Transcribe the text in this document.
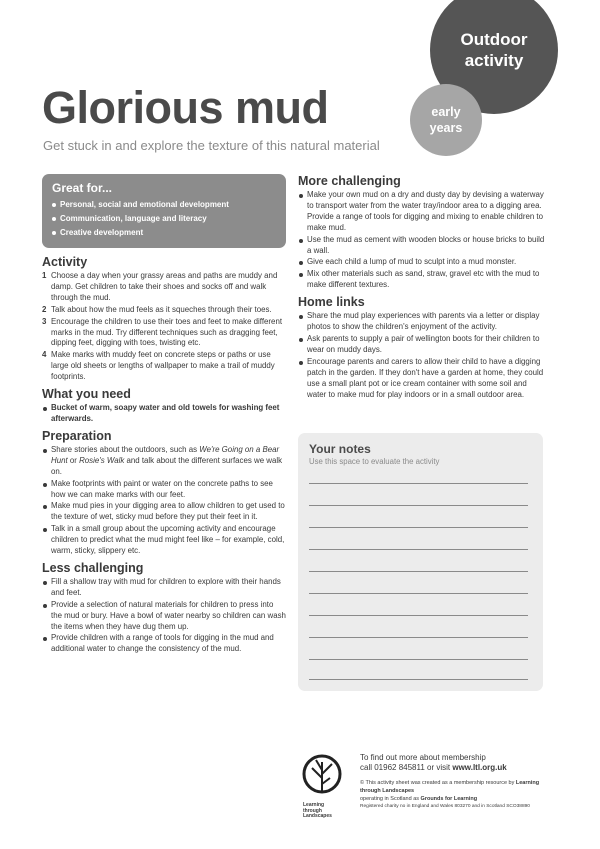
Outdoor
activity
early
years
Glorious mud
Get stuck in and explore the texture of this natural material
Great for...
Personal, social and emotional development
Communication, language and literacy
Creative development
Activity
1 Choose a day when your grassy areas and paths are muddy and damp. Get children to take their shoes and socks off and walk through the mud.
2 Talk about how the mud feels as it squeches through their toes.
3 Encourage the children to use their toes and feet to make different marks in the mud. Try different techniques such as dragging feet, dipping feet, digging with toes, twisting etc.
4 Make marks with muddy feet on concrete steps or paths or use large old sheets or lengths of wallpaper to make a trail of muddy footprints.
What you need
Bucket of warm, soapy water and old towels for washing feet afterwards.
Preparation
Share stories about the outdoors, such as We're Going on a Bear Hunt or Rosie's Walk and talk about the different surfaces we walk on.
Make footprints with paint or water on the concrete paths to see how we can make marks with our feet.
Make mud pies in your digging area to allow children to get used to the texture of wet, sticky mud before they put their feet in it.
Talk in a small group about the upcoming activity and encourage children to predict what the mud might feel like – for example, cold, warm, sticky, slippery etc.
Less challenging
Fill a shallow tray with mud for children to explore with their hands and feet.
Provide a selection of natural materials for children to press into the mud or bury. Have a bowl of water nearby so children can wash the items when they have dug them up.
Provide children with a range of tools for digging in the mud and additional water to change the consistency of the mud.
More challenging
Make your own mud on a dry and dusty day by devising a waterway to transport water from the water tray/indoor area to a digging area. Provide a range of tools for digging and mixing to enable children to make mud.
Use the mud as cement with wooden blocks or house bricks to build a wall.
Give each child a lump of mud to sculpt into a mud monster.
Mix other materials such as sand, straw, gravel etc with the mud to make different textures.
Home links
Share the mud play experiences with parents via a letter or display photos to show the children's enjoyment of the activity.
Ask parents to supply a pair of wellington boots for their children to wear on muddy days.
Encourage parents and carers to allow their child to have a digging patch in the garden. If they don't have a garden at home, they could use a small plant pot or ice cream container with some soil and water to make mud for play indoors or in a small outdoor area.
Your notes
Use this space to evaluate the activity
Learning
through
Landscapes
To find out more about membership
call 01962 845811 or visit www.ltl.org.uk
© This activity sheet was created as a membership resource by Learning through Landscapes
operating in Scotland as Grounds for Learning
Registered charity no in England and Wales 803270 and in Scotland SCO38890
